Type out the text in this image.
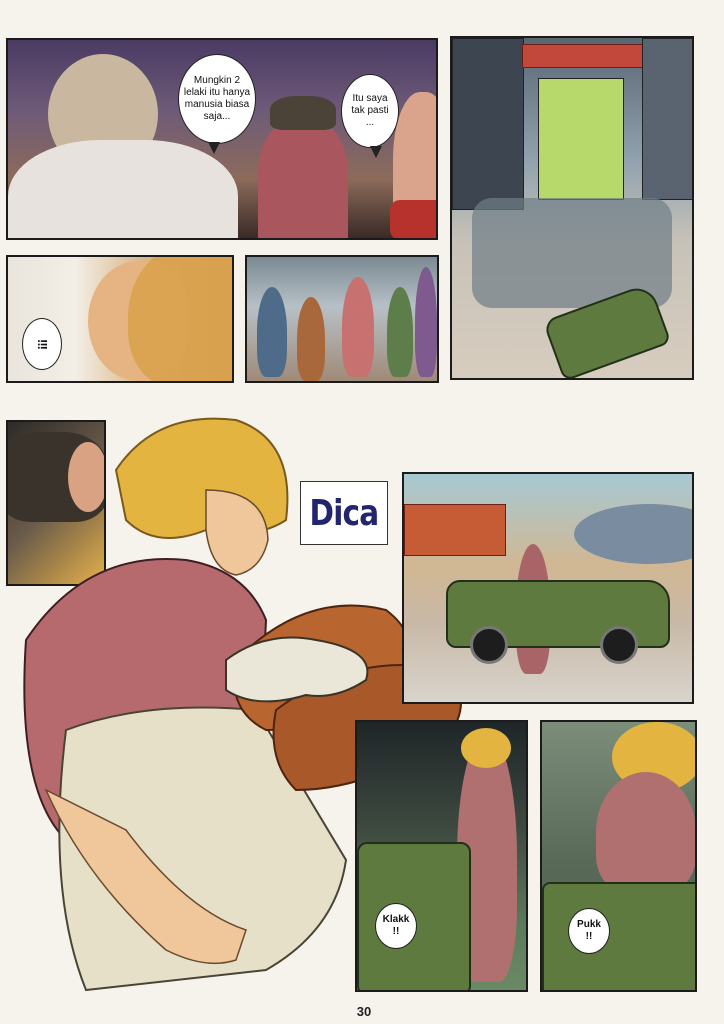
Mungkin 2 lelaki itu hanya manusia biasa saja...
Itu saya tak pasti ...
!!!
Klakk !!
Pukk !!
Dica
30
